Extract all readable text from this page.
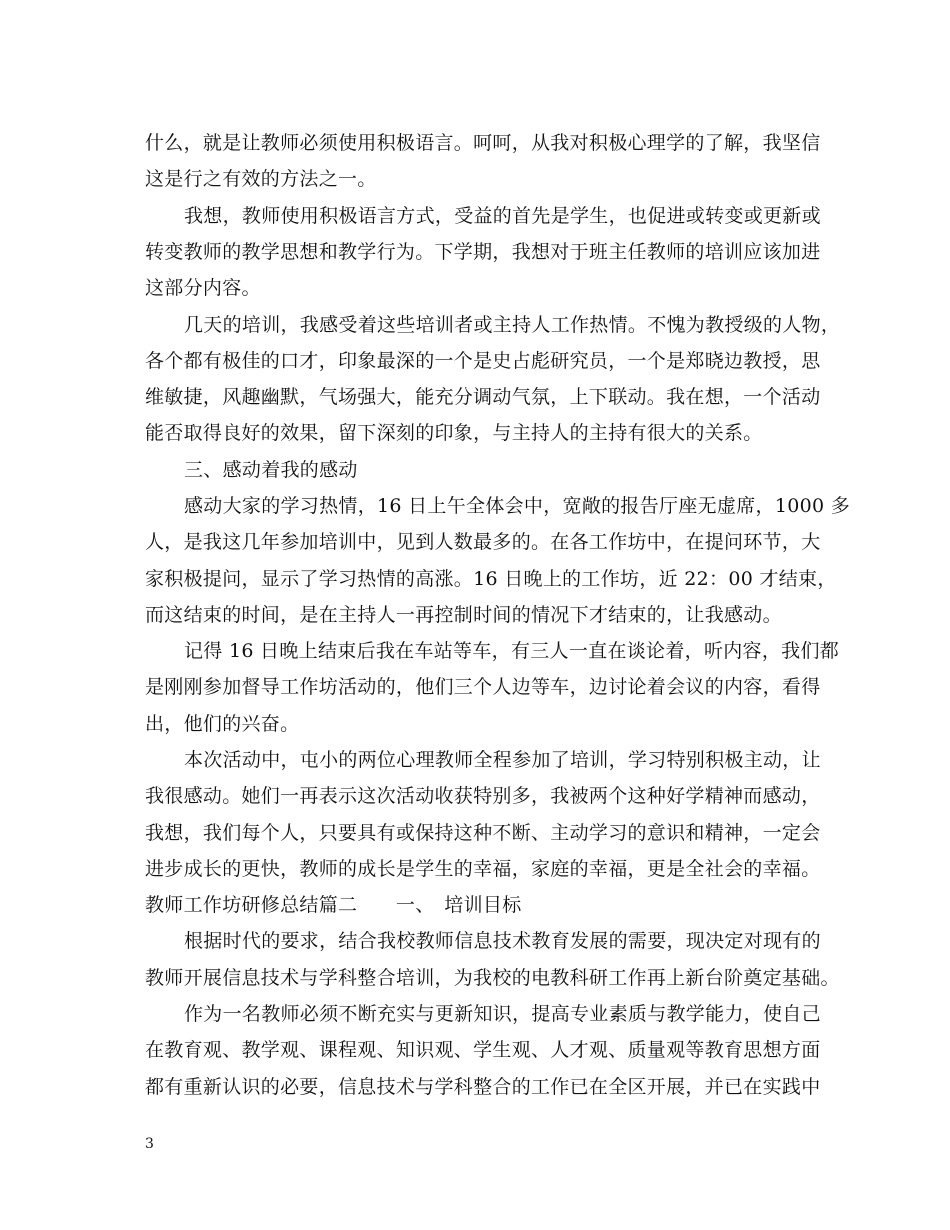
什么，就是让教师必须使用积极语言。呵呵，从我对积极心理学的了解，我坚信
这是行之有效的方法之一。
我想，教师使用积极语言方式，受益的首先是学生，也促进或转变或更新或
转变教师的教学思想和教学行为。下学期，我想对于班主任教师的培训应该加进
这部分内容。
几天的培训，我感受着这些培训者或主持人工作热情。不愧为教授级的人物，
各个都有极佳的口才，印象最深的一个是史占彪研究员，一个是郑晓边教授，思
维敏捷，风趣幽默，气场强大，能充分调动气氛，上下联动。我在想，一个活动
能否取得良好的效果，留下深刻的印象，与主持人的主持有很大的关系。
三、感动着我的感动
感动大家的学习热情，16 日上午全体会中，宽敞的报告厅座无虚席，1000 多
人，是我这几年参加培训中，见到人数最多的。在各工作坊中，在提问环节，大
家积极提问，显示了学习热情的高涨。16 日晚上的工作坊，近 22：00 才结束，
而这结束的时间，是在主持人一再控制时间的情况下才结束的，让我感动。
记得 16 日晚上结束后我在车站等车，有三人一直在谈论着，听内容，我们都
是刚刚参加督导工作坊活动的，他们三个人边等车，边讨论着会议的内容，看得
出，他们的兴奋。
本次活动中，屯小的两位心理教师全程参加了培训，学习特别积极主动，让
我很感动。她们一再表示这次活动收获特别多，我被两个这种好学精神而感动，
我想，我们每个人，只要具有或保持这种不断、主动学习的意识和精神，一定会
进步成长的更快，教师的成长是学生的幸福，家庭的幸福，更是全社会的幸福。
教师工作坊研修总结篇二　　一、　培训目标
根据时代的要求，结合我校教师信息技术教育发展的需要，现决定对现有的
教师开展信息技术与学科整合培训，为我校的电教科研工作再上新台阶奠定基础。
作为一名教师必须不断充实与更新知识，提高专业素质与教学能力，使自己
在教育观、教学观、课程观、知识观、学生观、人才观、质量观等教育思想方面
都有重新认识的必要，信息技术与学科整合的工作已在全区开展，并已在实践中
3
